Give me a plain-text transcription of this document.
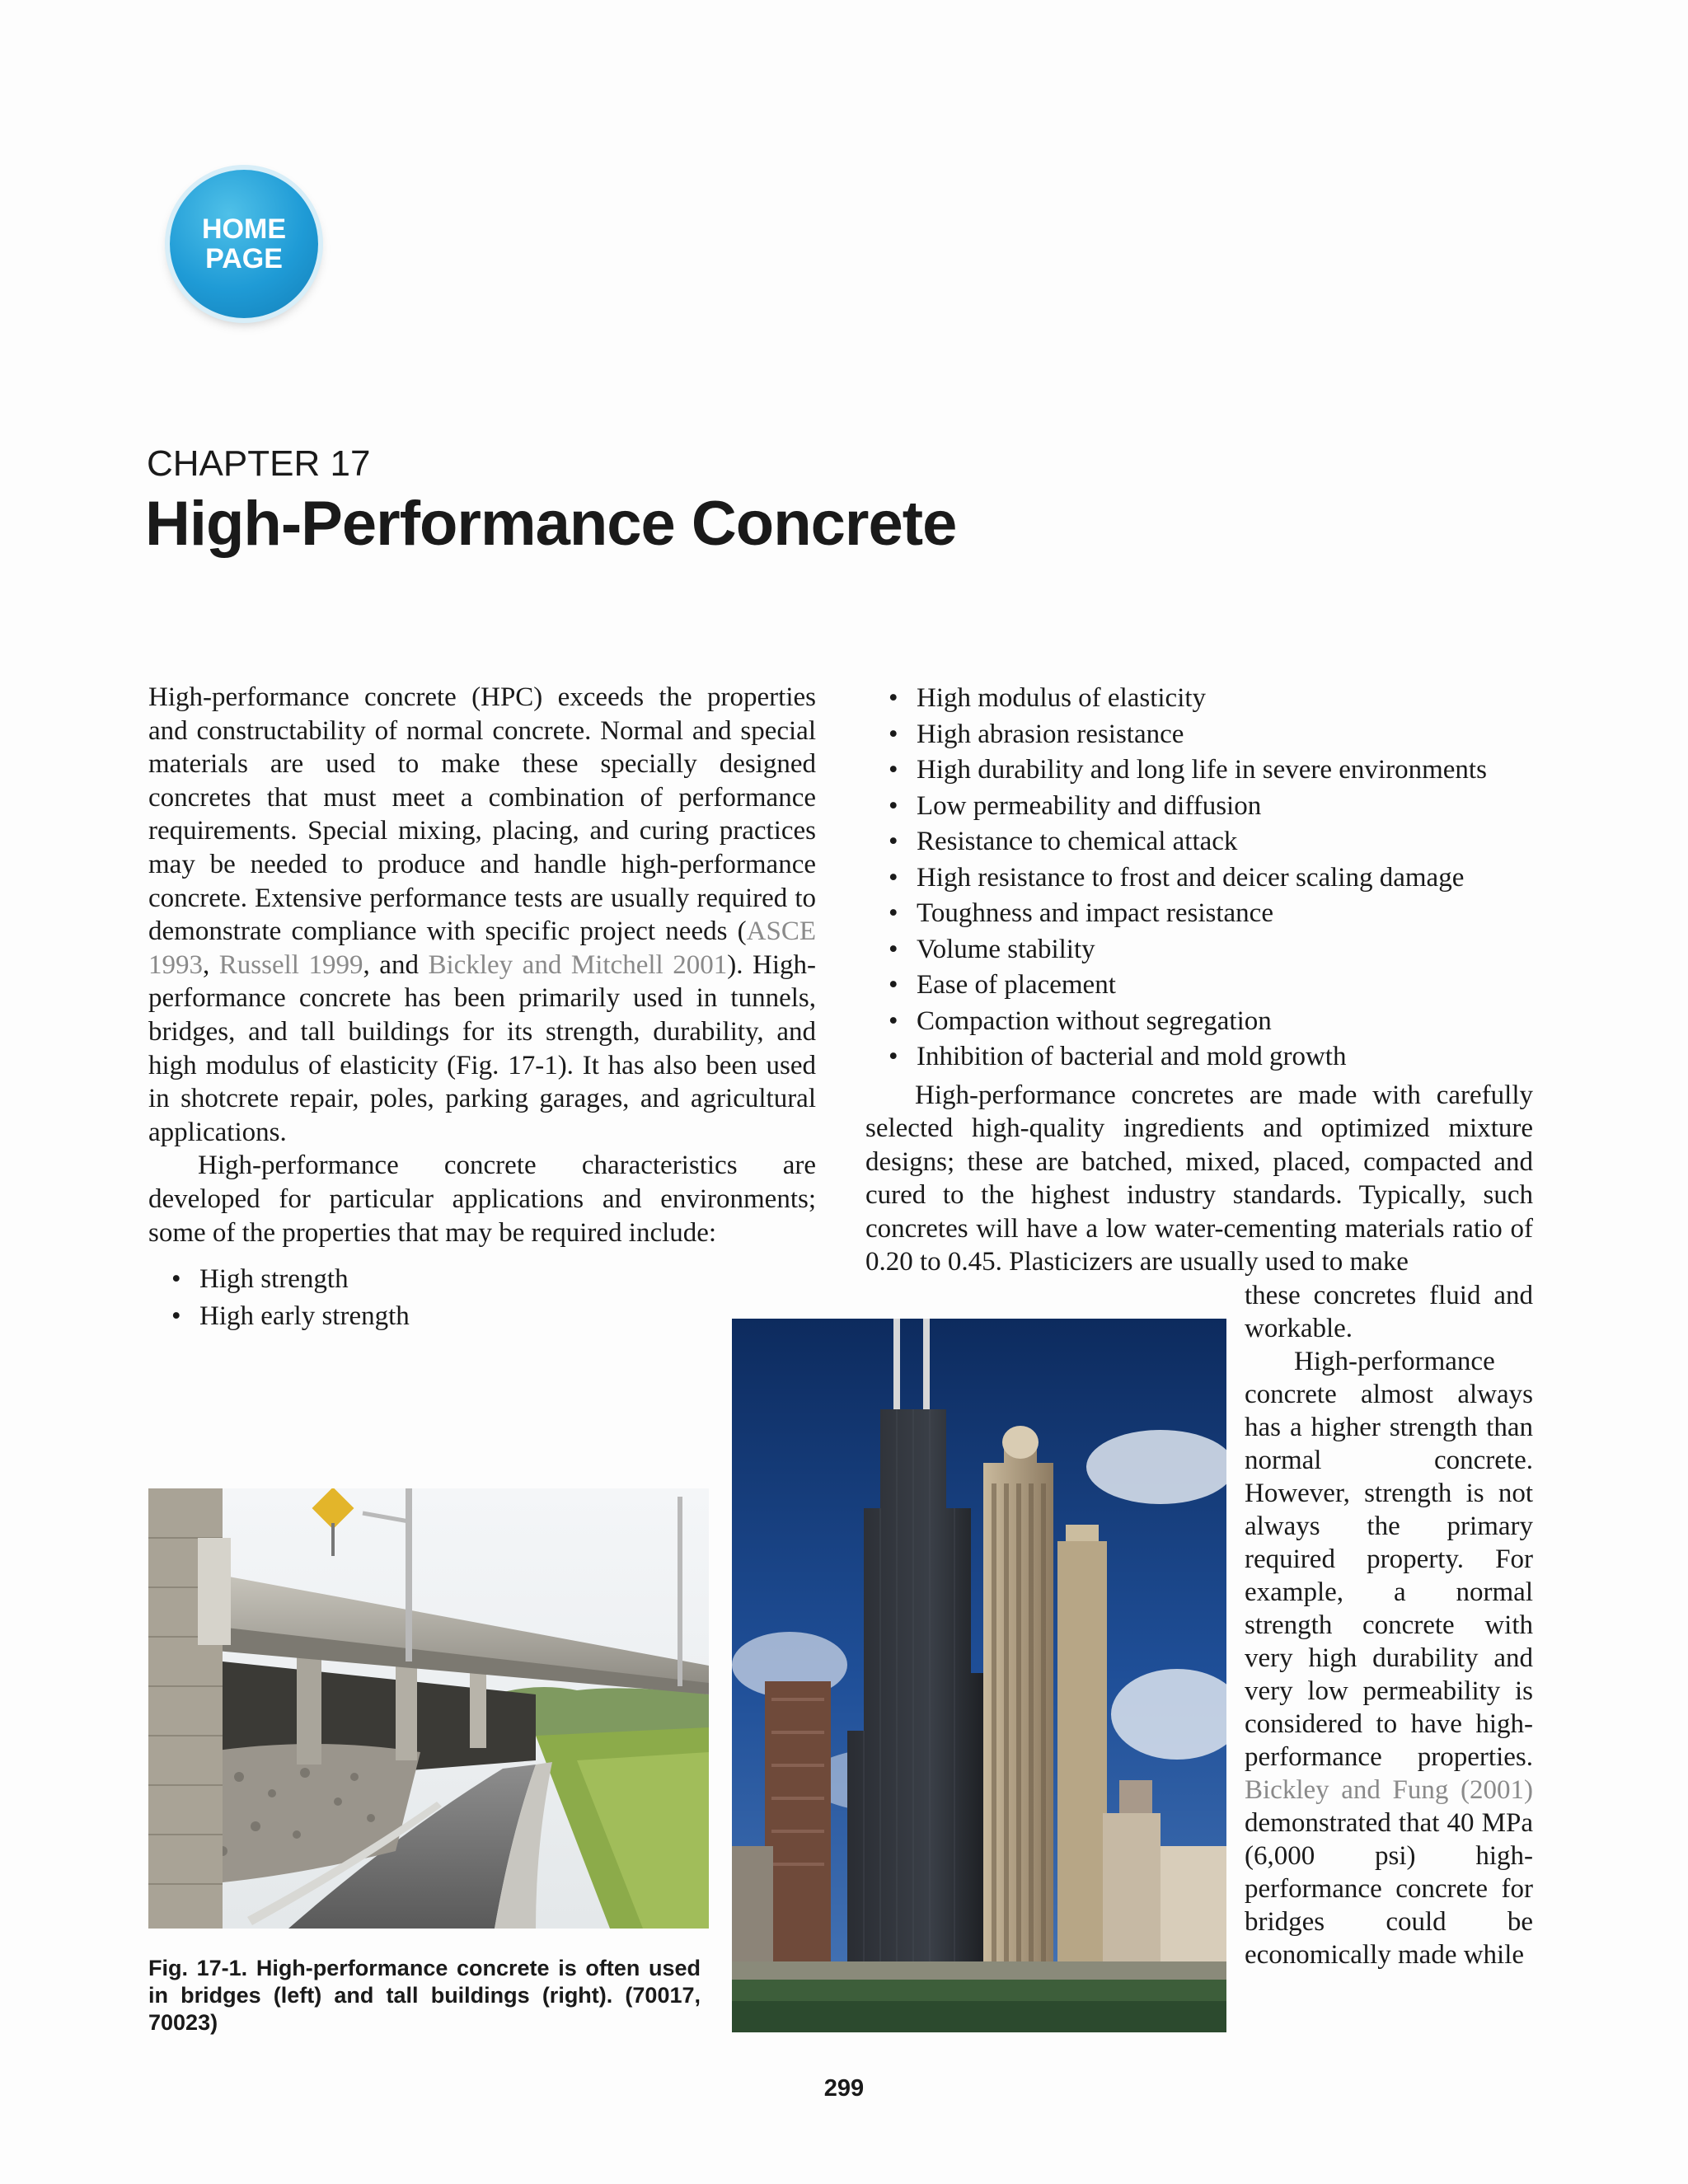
HOME
PAGE
CHAPTER 17
High-Performance Concrete

High-performance concrete (HPC) exceeds the properties and constructability of normal concrete. Normal and special materials are used to make these specially designed concretes that must meet a combination of performance requirements. Special mixing, placing, and curing practices may be needed to produce and handle high-performance concrete. Extensive performance tests are usually required to demonstrate compliance with specific project needs (ASCE 1993, Russell 1999, and Bickley and Mitchell 2001). High-performance concrete has been primarily used in tunnels, bridges, and tall buildings for its strength, durability, and high modulus of elasticity (Fig. 17-1). It has also been used in shotcrete repair, poles, parking garages, and agricultural applications.

High-performance concrete characteristics are developed for particular applications and environments; some of the properties that may be required include:

• High strength
• High early strength
• High modulus of elasticity
• High abrasion resistance
• High durability and long life in severe environments
• Low permeability and diffusion
• Resistance to chemical attack
• High resistance to frost and deicer scaling damage
• Toughness and impact resistance
• Volume stability
• Ease of placement
• Compaction without segregation
• Inhibition of bacterial and mold growth

High-performance concretes are made with carefully selected high-quality ingredients and optimized mixture designs; these are batched, mixed, placed, compacted and cured to the highest industry standards. Typically, such concretes will have a low water-cementing materials ratio of 0.20 to 0.45. Plasticizers are usually used to make

these concretes fluid and workable.

High-performance concrete almost always has a higher strength than normal concrete. However, strength is not always the primary required property. For example, a normal strength concrete with very high durability and very low permeability is considered to have high-performance properties. Bickley and Fung (2001) demonstrated that 40 MPa (6,000 psi) high-performance concrete for bridges could be economically made while

Fig. 17-1. High-performance concrete is often used in bridges (left) and tall buildings (right). (70017, 70023)
299
